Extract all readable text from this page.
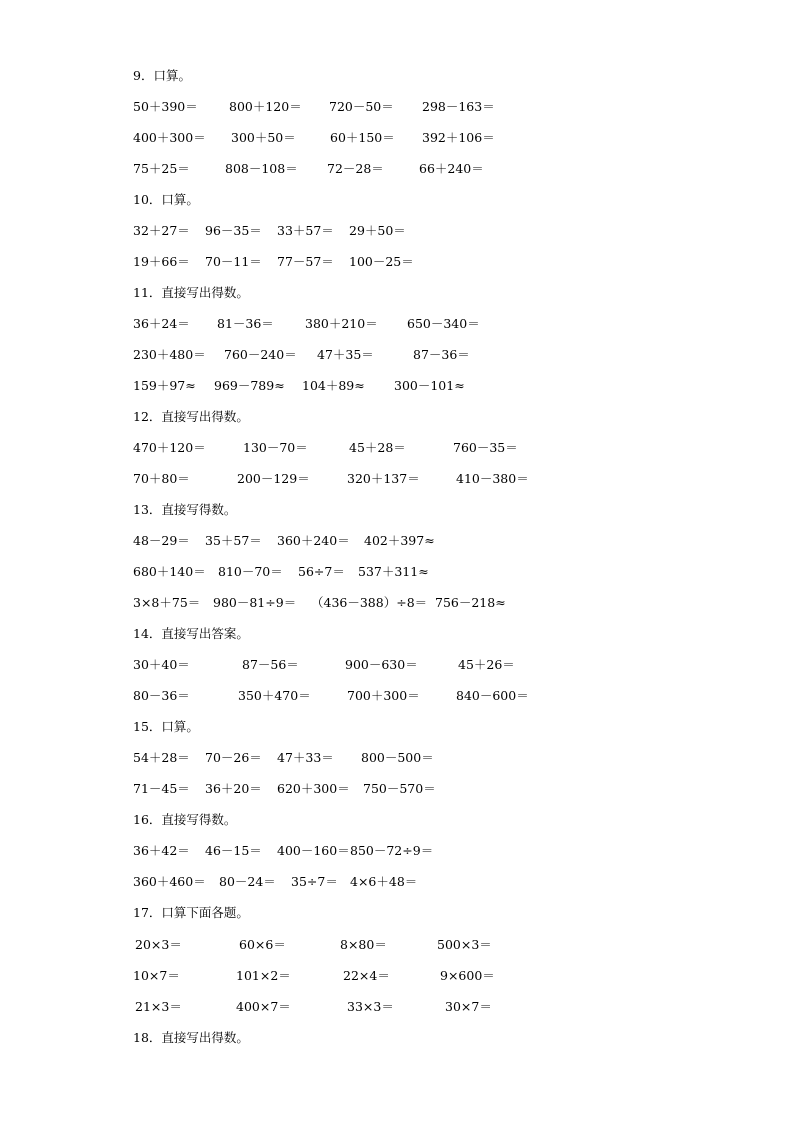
9．口算。
50＋390＝ 800＋120＝ 720－50＝ 298－163＝
400＋300＝ 300＋50＝	60＋150＝ 392＋106＝
75＋25＝	808－108＝ 72－28＝	66＋240＝
10．口算。
32＋27＝ 96－35＝ 33＋57＝ 29＋50＝
19＋66＝ 70－11＝ 77－57＝ 100－25＝
11．直接写出得数。
36＋24＝ 81－36＝ 380＋210＝ 650－340＝
230＋480＝ 760－240＝ 47＋35＝	87－36＝
159＋97≈ 969－789≈ 104＋89≈ 300－101≈
12．直接写出得数。
470＋120＝	130－70＝	45＋28＝	760－35＝
70＋80＝	200－129＝	320＋137＝	410－380＝
13．直接写得数。
48－29＝ 35＋57＝ 360＋240＝ 402＋397≈
680＋140＝ 810－70＝ 56÷7＝ 537＋311≈
3×8＋75＝ 980－81÷9＝ （436－388）÷8＝ 756－218≈
14．直接写出答案。
30＋40＝	87－56＝	900－630＝	45＋26＝
80－36＝	350＋470＝	700＋300＝	840－600＝
15．口算。
54＋28＝ 70－26＝ 47＋33＝ 800－500＝
71－45＝ 36＋20＝ 620＋300＝ 750－570＝
16．直接写得数。
36＋42＝ 46－15＝ 400－160＝ 850－72÷9＝
360＋460＝ 80－24＝ 35÷7＝ 4×6＋48＝
17．口算下面各题。
20×3＝	60×6＝	8×80＝	500×3＝
10×7＝	101×2＝	22×4＝	9×600＝
21×3＝	400×7＝	33×3＝	30×7＝
18．直接写出得数。
